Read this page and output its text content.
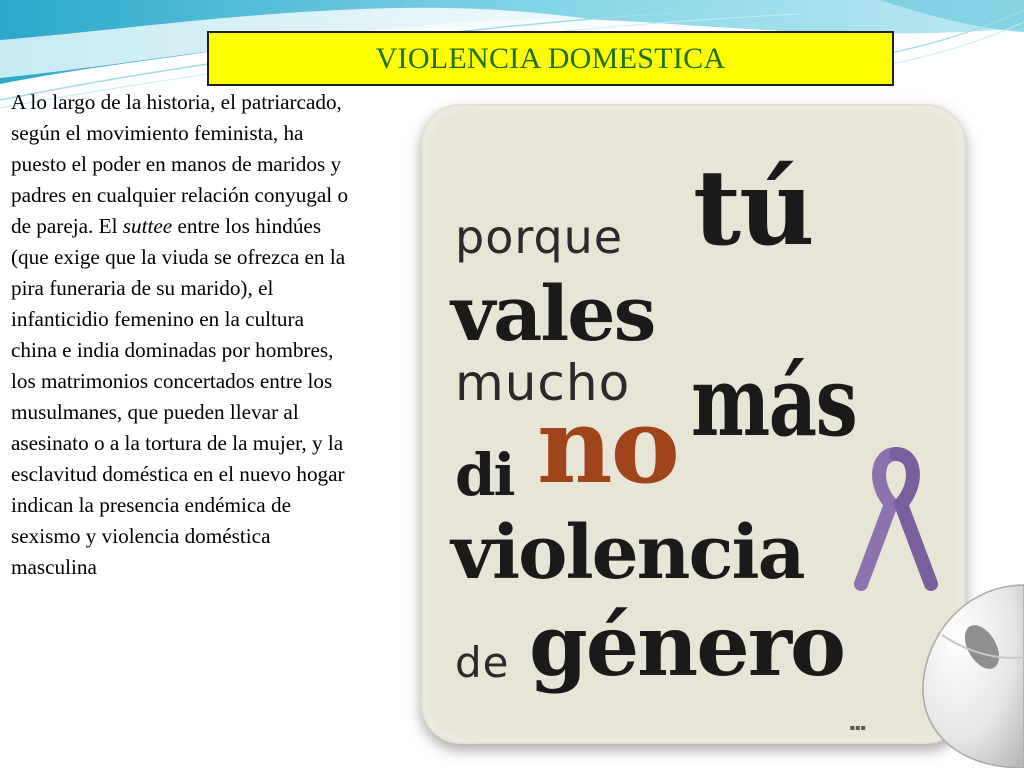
VIOLENCIA DOMESTICA
A lo largo de la historia, el patriarcado, según el movimiento feminista, ha puesto el poder en manos de maridos y padres en cualquier relación conyugal o de pareja. El suttee entre los hindúes (que exige que la viuda se ofrezca en la pira funeraria de su marido), el infanticidio femenino en la cultura china e india dominadas por hombres, los matrimonios concertados entre los musulmanes, que pueden llevar al asesinato o a la tortura de la mujer, y la esclavitud doméstica en el nuevo hogar indican la presencia endémica de sexismo y violencia doméstica masculina
porque tú
vales
mucho más
di no
violencia
de género
▪▪▪
